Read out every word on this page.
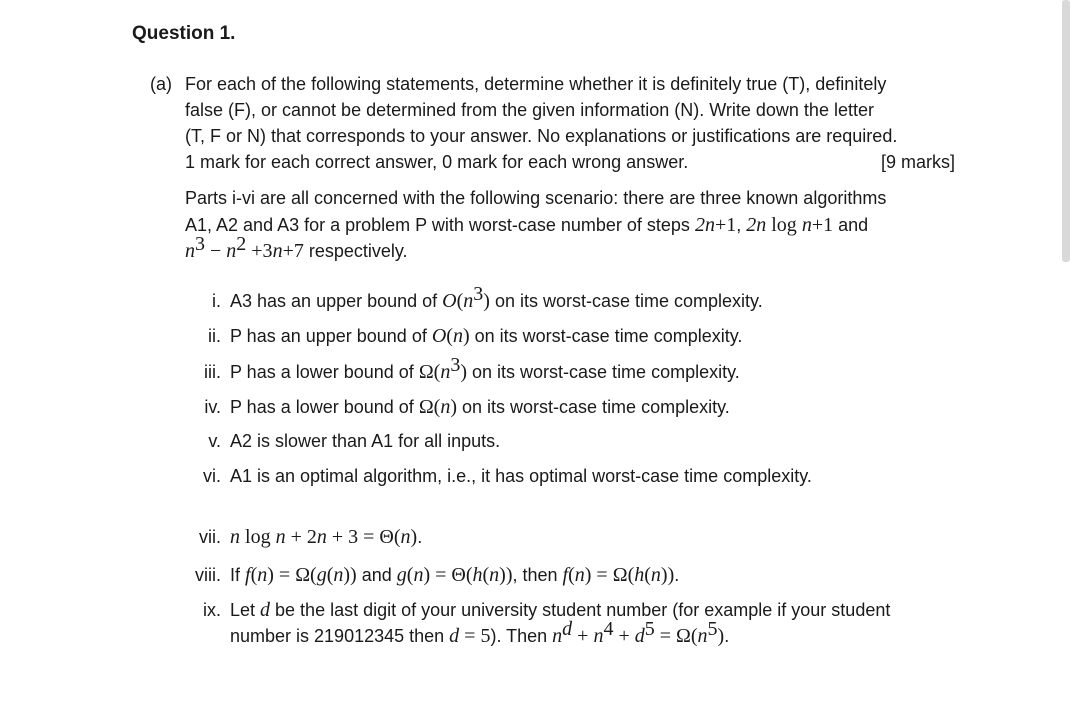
Question 1.
(a) For each of the following statements, determine whether it is definitely true (T), definitely
false (F), or cannot be determined from the given information (N). Write down the letter
(T, F or N) that corresponds to your answer. No explanations or justifications are required.
1 mark for each correct answer, 0 mark for each wrong answer.	[9 marks]
Parts i-vi are all concerned with the following scenario: there are three known algorithms
A1, A2 and A3 for a problem P with worst-case number of steps 2n+1, 2n log n+1 and
$n^3 - n^2 +3n+7$ respectively.
i. A3 has an upper bound of $O(n^3)$ on its worst-case time complexity.
ii. P has an upper bound of O(n) on its worst-case time complexity.
iii. P has a lower bound of $\Omega(n^3)$ on its worst-case time complexity.
iv. P has a lower bound of Ω(n) on its worst-case time complexity.
v. A2 is slower than A1 for all inputs.
vi. A1 is an optimal algorithm, i.e., it has optimal worst-case time complexity.
vii. n log n + 2n + 3 = Θ(n).
viii. If f(n) = Ω(g(n)) and g(n) = Θ(h(n)), then f(n) = Ω(h(n)).
ix. Let d be the last digit of your university student number (for example if your student
number is 219012345 then d = 5). Then $n^d + n^4 + d^5 = \Omega(n^5)$.
